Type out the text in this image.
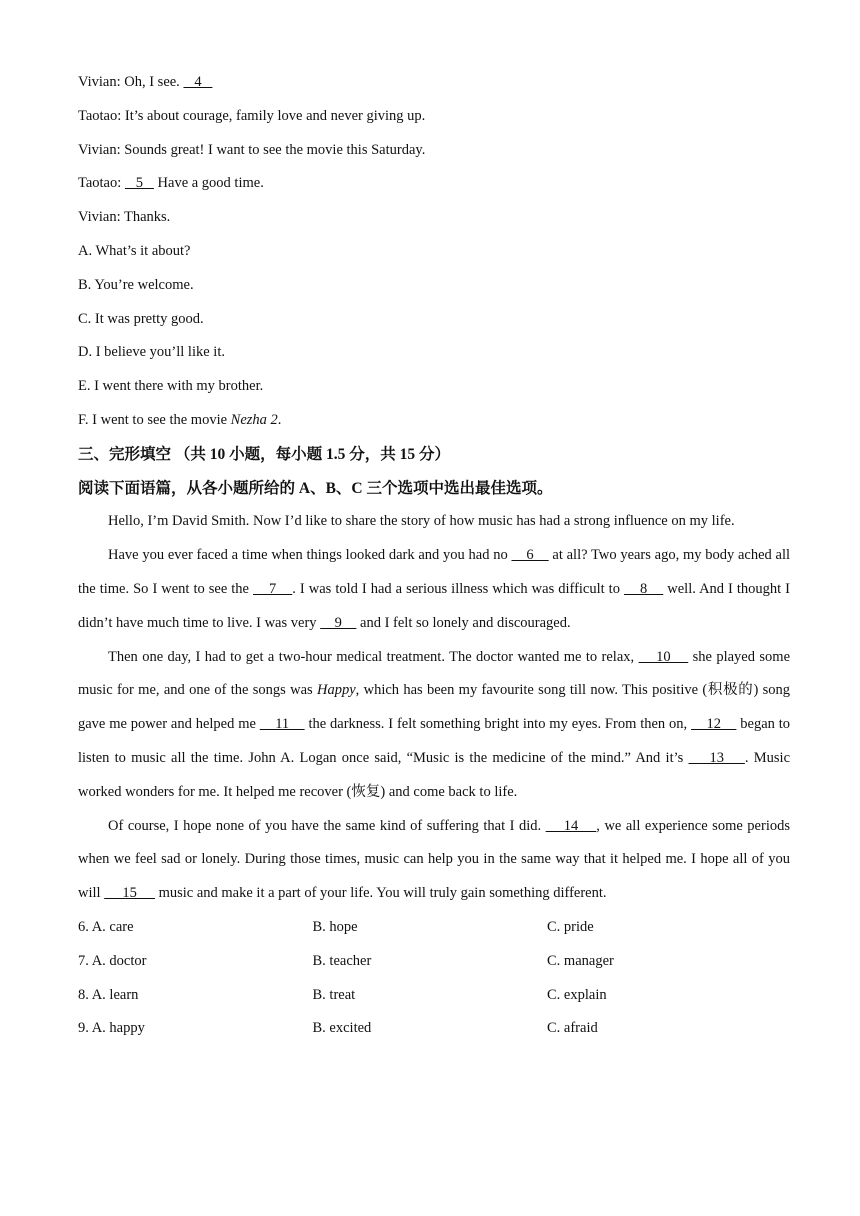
Vivian: Oh, I see.    4
Taotao: It’s about courage, family love and never giving up.
Vivian: Sounds great! I want to see the movie this Saturday.
Taotao:    5    Have a good time.
Vivian: Thanks.
A. What’s it about?
B. You’re welcome.
C. It was pretty good.
D. I believe you’ll like it.
E. I went there with my brother.
F. I went to see the movie Nezha 2.
三、完形填空 （共 10 小题，每小题 1.5 分，共 15 分）
阅读下面语篇，从各小题所给的 A、B、C 三个选项中选出最佳选项。
Hello, I’m David Smith. Now I’d like to share the story of how music has had a strong influence on my life.
Have you ever faced a time when things looked dark and you had no     6     at all? Two years ago, my body ached all the time. So I went to see the     7    . I was told I had a serious illness which was difficult to     8     well. And I thought I didn’t have much time to live. I was very     9     and I felt so lonely and discouraged.
Then one day, I had to get a two-hour medical treatment. The doctor wanted me to relax,     10     she played some music for me, and one of the songs was Happy, which has been my favourite song till now. This positive (积极的) song gave me power and helped me     11     the darkness. I felt something bright into my eyes. From then on,     12     began to listen to music all the time. John A. Logan once said, “Music is the medicine of the mind.” And it’s     13    . Music worked wonders for me. It helped me recover (恢复) and come back to life.
Of course, I hope none of you have the same kind of suffering that I did.     14    , we all experience some periods when we feel sad or lonely. During those times, music can help you in the same way that it helped me. I hope all of you will      15      music and make it a part of your life. You will truly gain something different.
6. A. care	B. hope	C. pride
7. A. doctor	B. teacher	C. manager
8. A. learn	B. treat	C. explain
9. A. happy	B. excited	C. afraid
